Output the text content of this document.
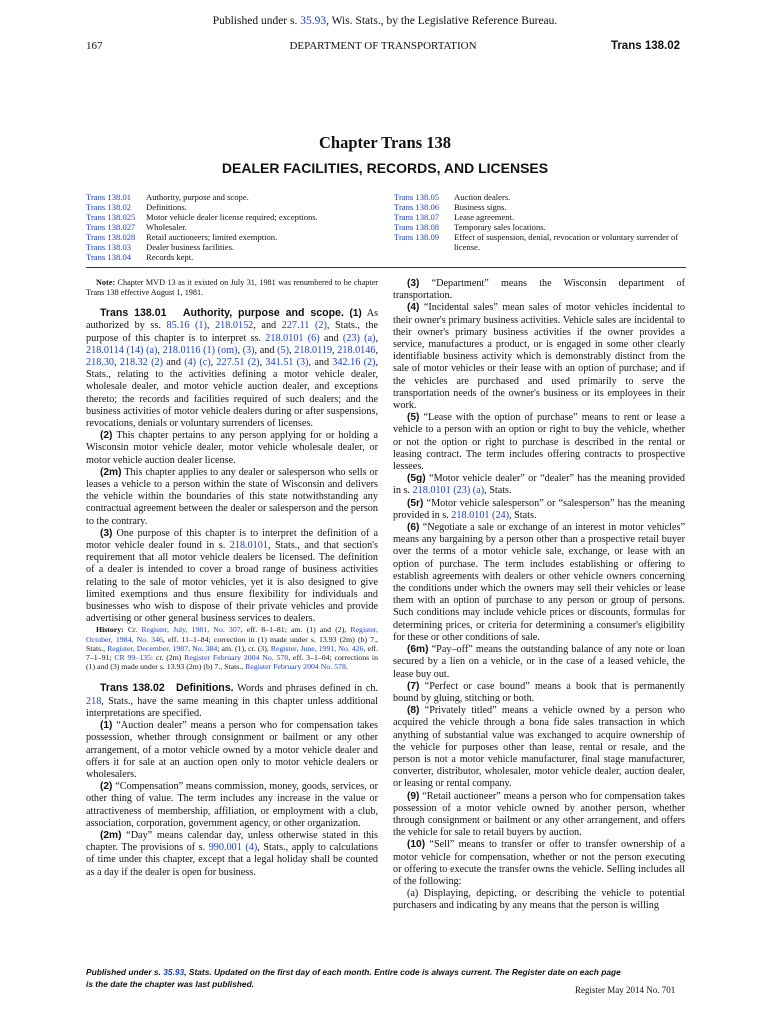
Published under s. 35.93, Wis. Stats., by the Legislative Reference Bureau.
167	DEPARTMENT OF TRANSPORTATION	Trans 138.02
Chapter Trans 138
DEALER FACILITIES, RECORDS, AND LICENSES
Trans 138.01	Authority, purpose and scope.
Trans 138.02	Definitions.
Trans 138.025	Motor vehicle dealer license required; exceptions.
Trans 138.027	Wholesaler.
Trans 138.028	Retail auctioneers; limited exemption.
Trans 138.03	Dealer business facilities.
Trans 138.04	Records kept.
Trans 138.05	Auction dealers.
Trans 138.06	Business signs.
Trans 138.07	Lease agreement.
Trans 138.08	Temporary sales locations.
Trans 138.09	Effect of suspension, denial, revocation or voluntary surrender of license.

Note: Chapter MVD 13 as it existed on July 31, 1981 was renumbered to be chapter Trans 138 effective August 1, 1981.

Trans 138.01 Authority, purpose and scope. (1) As authorized by ss. 85.16 (1), 218.0152, and 227.11 (2), Stats., the purpose of this chapter is to interpret ss. 218.0101 (6) and (23) (a), 218.0114 (14) (a), 218.0116 (1) (om), (3), and (5), 218.0119, 218.0146, 218.30, 218.32 (2) and (4) (c), 227.51 (2), 341.51 (3), and 342.16 (2), Stats., relating to the activities defining a motor vehicle dealer, wholesale dealer, and motor vehicle auction dealer, and exceptions thereto; the records and facilities required of such dealers; and the business activities of motor vehicle dealers during or after suspensions, revocations, denials or voluntary surrenders of licenses.

(2) This chapter pertains to any person applying for or holding a Wisconsin motor vehicle dealer, motor vehicle wholesale dealer, or motor vehicle auction dealer license.

(2m) This chapter applies to any dealer or salesperson who sells or leases a vehicle to a person within the state of Wisconsin and delivers the vehicle within the boundaries of this state notwithstanding any contractual agreement between the dealer or salesperson and the person to the contrary.

(3) One purpose of this chapter is to interpret the definition of a motor vehicle dealer found in s. 218.0101, Stats., and that section's requirement that all motor vehicle dealers be licensed. The definition of a dealer is intended to cover a broad range of business activities relating to the sale of motor vehicles, yet it is also designed to give limited exemptions and thus ensure flexibility for individuals and businesses who wish to dispose of their private vehicles and provide advertising or other general business services to dealers.

History: Cr. Register, July, 1981, No. 307, eff. 8–1–81; am. (1) and (2), Register, October, 1984, No. 346, eff. 11–1–84; correction in (1) made under s. 13.93 (2m) (b) 7., Stats., Register, December, 1987, No. 384; am. (1), cr. (3), Register, June, 1991, No. 426, eff. 7–1–91; CR 99–135: cr. (2m) Register February 2004 No. 578, eff. 3–1–04; corrections in (1) and (3) made under s. 13.93 (2m) (b) 7., Stats., Register February 2004 No. 578.

Trans 138.02 Definitions. Words and phrases defined in ch. 218, Stats., have the same meaning in this chapter unless additional interpretations are specified.

(1) “Auction dealer” means a person who for compensation takes possession, whether through consignment or bailment or any other arrangement, of a motor vehicle owned by a motor vehicle dealer and offers it for sale at an auction open only to motor vehicle dealers or wholesalers.

(2) “Compensation” means commission, money, goods, services, or other thing of value. The term includes any increase in the value or attractiveness of membership, affiliation, or employment with a club, association, corporation, government agency, or other organization.

(2m) “Day” means calendar day, unless otherwise stated in this chapter. The provisions of s. 990.001 (4), Stats., apply to calculations of time under this chapter, except that a legal holiday shall be counted as a day if the dealer is open for business.

(3) “Department” means the Wisconsin department of transportation.

(4) “Incidental sales” mean sales of motor vehicles incidental to their owner's primary business activities. Vehicle sales are incidental to their owner's primary business activities if the owner provides a service, manufactures a product, or is engaged in some other clearly identifiable business activity which is demonstrably distinct from the sale of motor vehicles or their lease with an option of purchase; and if the vehicles are purchased and used primarily to serve the transportation needs of the owner's business or its employees in their work.

(5) “Lease with the option of purchase” means to rent or lease a vehicle to a person with an option or right to buy the vehicle, whether or not the option or right to purchase is described in the rental or leasing contract. The term includes offering contracts to prospective lessees.

(5g) “Motor vehicle dealer” or “dealer” has the meaning provided in s. 218.0101 (23) (a), Stats.

(5r) “Motor vehicle salesperson” or “salesperson” has the meaning provided in s. 218.0101 (24), Stats.

(6) “Negotiate a sale or exchange of an interest in motor vehicles” means any bargaining by a person other than a prospective retail buyer over the terms of a motor vehicle sale, exchange, or lease with an option of purchase. The term includes establishing or offering to establish agreements with dealers or other vehicle owners concerning the conditions under which the owners may sell their vehicles or lease them with an option of purchase to any person or group of persons. Such conditions may include vehicle prices or discounts, formulas for determining prices, or criteria for determining a consumer's eligibility for these or other conditions of sale.

(6m) “Pay–off” means the outstanding balance of any note or loan secured by a lien on a vehicle, or in the case of a leased vehicle, the lease buy out.

(7) “Perfect or case bound” means a book that is permanently bound by gluing, stitching or both.

(8) “Privately titled” means a vehicle owned by a person who acquired the vehicle through a bona fide sales transaction in which anything of substantial value was exchanged to acquire ownership of the vehicle for purposes other than lease, rental or resale, and the person is not a motor vehicle manufacturer, final stage manufacturer, converter, distributor, wholesaler, motor vehicle dealer, auction dealer, or leasing or rental company.

(9) “Retail auctioneer” means a person who for compensation takes possession of a motor vehicle owned by another person, whether through consignment or bailment or any other arrangement, and offers the vehicle for sale to retail buyers by auction.

(10) “Sell” means to transfer or offer to transfer ownership of a motor vehicle for compensation, whether or not the person executing or offering to execute the transfer owns the vehicle. Selling includes all of the following:

(a) Displaying, depicting, or describing the vehicle to potential purchasers and indicating by any means that the person is willing

Published under s. 35.93, Stats. Updated on the first day of each month. Entire code is always current. The Register date on each page
is the date the chapter was last published.
Register May 2014 No. 701
